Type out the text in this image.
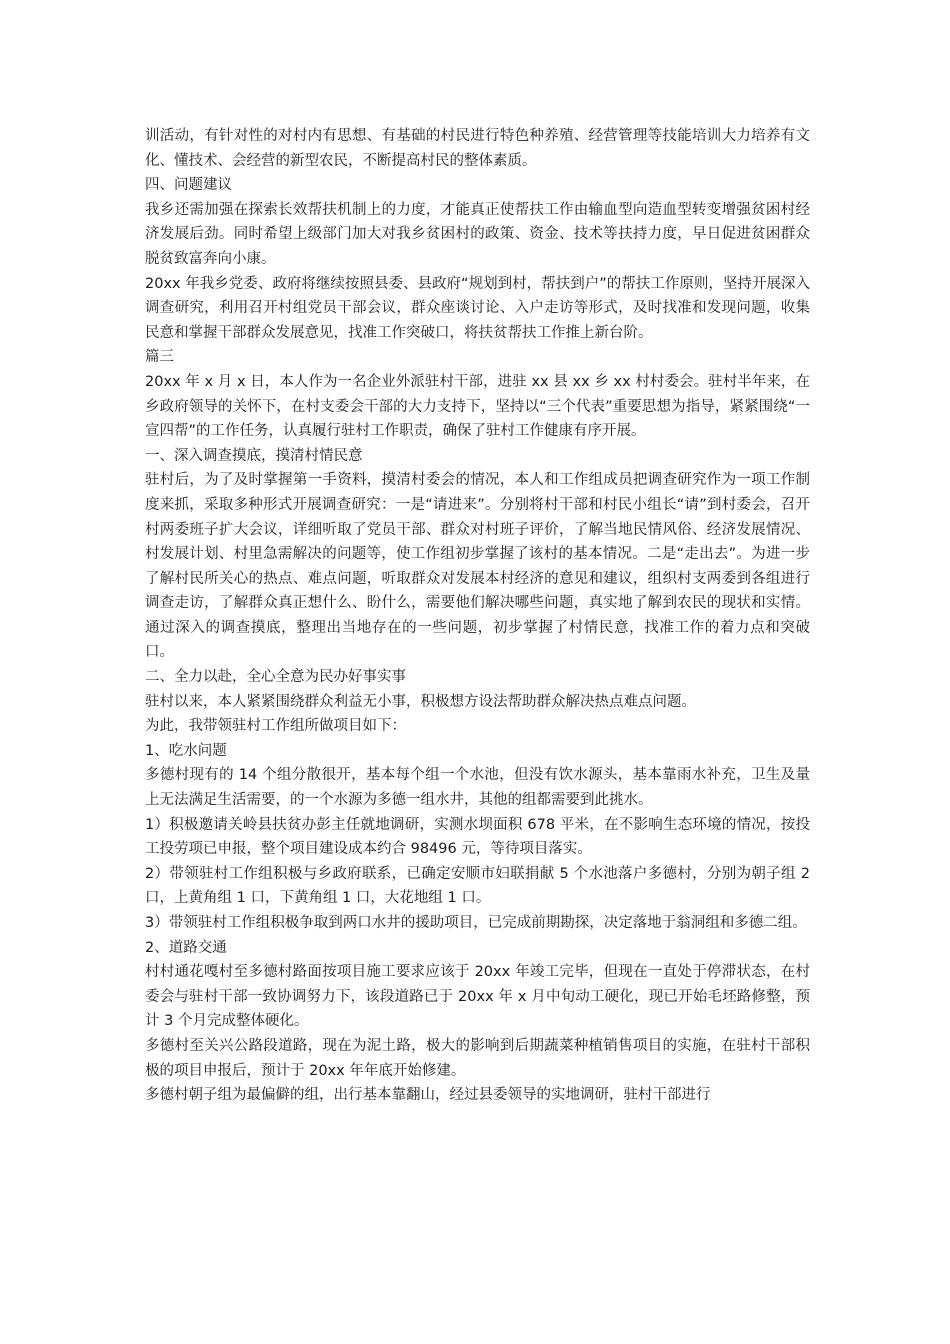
训活动，有针对性的对村内有思想、有基础的村民进行特色种养殖、经营管理等技能培训大力培养有文化、懂技术、会经营的新型农民，不断提高村民的整体素质。

四、问题建议

我乡还需加强在探索长效帮扶机制上的力度，才能真正使帮扶工作由输血型向造血型转变增强贫困村经济发展后劲。同时希望上级部门加大对我乡贫困村的政策、资金、技术等扶持力度，早日促进贫困群众脱贫致富奔向小康。

20xx 年我乡党委、政府将继续按照县委、县政府“规划到村，帮扶到户”的帮扶工作原则，坚持开展深入调查研究，利用召开村组党员干部会议，群众座谈讨论、入户走访等形式，及时找准和发现问题，收集民意和掌握干部群众发展意见，找准工作突破口，将扶贫帮扶工作推上新台阶。

篇三

20xx 年 x 月 x 日，本人作为一名企业外派驻村干部，进驻 xx 县 xx 乡 xx 村村委会。驻村半年来，在乡政府领导的关怀下，在村支委会干部的大力支持下，坚持以“三个代表”重要思想为指导，紧紧围绕“一宣四帮”的工作任务，认真履行驻村工作职责，确保了驻村工作健康有序开展。

一、深入调查摸底，摸清村情民意

驻村后，为了及时掌握第一手资料，摸清村委会的情况，本人和工作组成员把调查研究作为一项工作制度来抓，采取多种形式开展调查研究：一是“请进来”。分别将村干部和村民小组长“请”到村委会，召开村两委班子扩大会议，详细听取了党员干部、群众对村班子评价，了解当地民情风俗、经济发展情况、村发展计划、村里急需解决的问题等，使工作组初步掌握了该村的基本情况。二是“走出去”。为进一步了解村民所关心的热点、难点问题，听取群众对发展本村经济的意见和建议，组织村支两委到各组进行调查走访，了解群众真正想什么、盼什么，需要他们解决哪些问题，真实地了解到农民的现状和实情。通过深入的调查摸底，整理出当地存在的一些问题，初步掌握了村情民意，找准工作的着力点和突破口。

二、全力以赴，全心全意为民办好事实事

驻村以来，本人紧紧围绕群众利益无小事，积极想方设法帮助群众解决热点难点问题。

为此，我带领驻村工作组所做项目如下：

1、吃水问题

多德村现有的 14 个组分散很开，基本每个组一个水池，但没有饮水源头，基本靠雨水补充，卫生及量上无法满足生活需要，的一个水源为多德一组水井，其他的组都需要到此挑水。

1）积极邀请关岭县扶贫办彭主任就地调研，实测水坝面积 678 平米，在不影响生态环境的情况，按投工投劳项已申报，整个项目建设成本约合 98496 元，等待项目落实。

2）带领驻村工作组积极与乡政府联系，已确定安顺市妇联捐献 5 个水池落户多德村，分别为朝子组 2 口，上黄角组 1 口，下黄角组 1 口，大花地组 1 口。

3）带领驻村工作组积极争取到两口水井的援助项目，已完成前期勘探，决定落地于翁洞组和多德二组。

2、道路交通

村村通花嘎村至多德村路面按项目施工要求应该于 20xx 年竣工完毕，但现在一直处于停滞状态，在村委会与驻村干部一致协调努力下，该段道路已于 20xx 年 x 月中旬动工硬化，现已开始毛坯路修整，预计 3 个月完成整体硬化。

多德村至关兴公路段道路，现在为泥土路，极大的影响到后期蔬菜种植销售项目的实施，在驻村干部积极的项目申报后，预计于 20xx 年年底开始修建。

多德村朝子组为最偏僻的组，出行基本靠翻山，经过县委领导的实地调研，驻村干部进行
